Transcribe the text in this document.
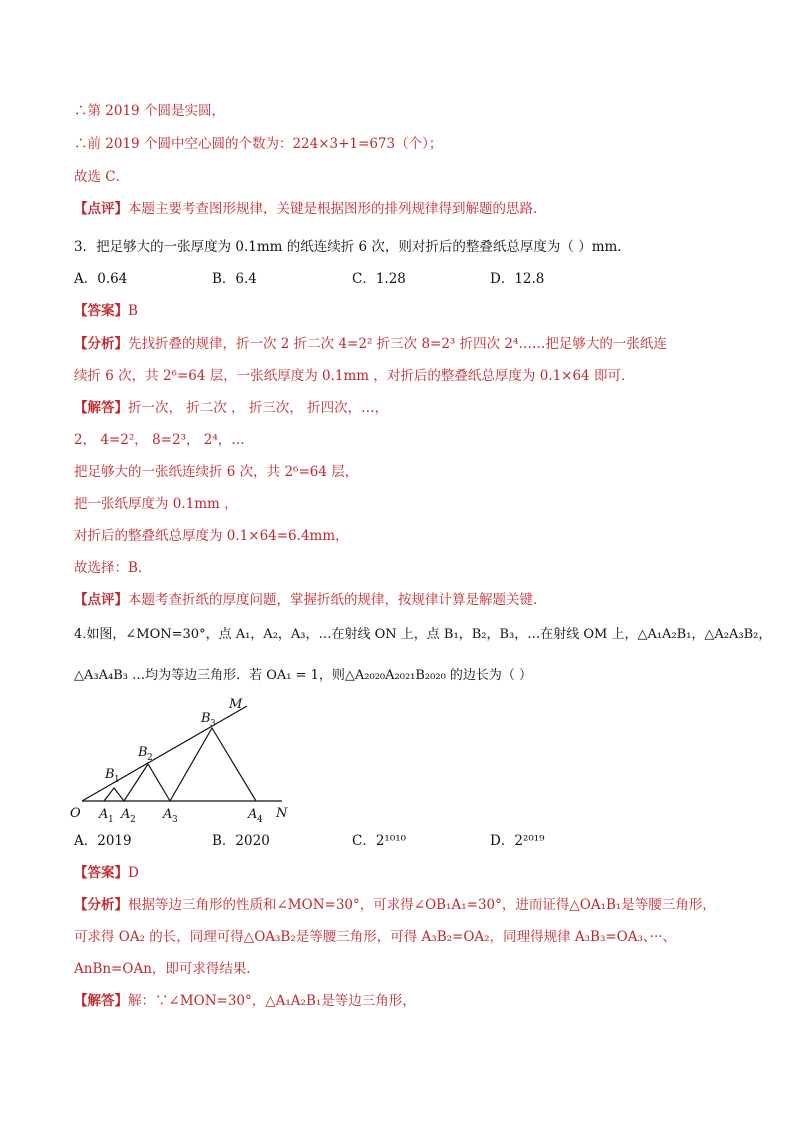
∴第 2019 个圆是实圆，
∴前 2019 个圆中空心圆的个数为：224×3+1=673（个）；
故选 C．
【点评】本题主要考查图形规律，关键是根据图形的排列规律得到解题的思路．
3．把足够大的一张厚度为 0.1mm 的纸连续折 6 次，则对折后的整叠纸总厚度为（ ）mm．
A．0.64	B．6.4	C．1.28	D．12.8
【答案】B
【分析】先找折叠的规律，折一次 2 折二次 4=2² 折三次 8=2³ 折四次 2⁴……把足够大的一张纸连
续折 6 次，共 2⁶=64 层，一张纸厚度为 0.1mm ，对折后的整叠纸总厚度为 0.1×64 即可．
【解答】折一次， 折二次 ， 折三次， 折四次，…，
2， 4=2²， 8=2³， 2⁴，…
把足够大的一张纸连续折 6 次，共 2⁶=64 层，
把一张纸厚度为 0.1mm ，
对折后的整叠纸总厚度为 0.1×64=6.4mm，
故选择：B．
【点评】本题考查折纸的厚度问题，掌握折纸的规律，按规律计算是解题关键．
4.如图，∠MON=30°，点 A₁，A₂，A₃，…在射线 ON 上，点 B₁，B₂，B₃，…在射线 OM 上，△A₁A₂B₁，△A₂A₃B₂，
△A₃A₄B₃ …均为等边三角形．若 OA₁ = 1，则△A₂₀₂₀A₂₀₂₁B₂₀₂₀ 的边长为（ ）
O	N
M
A 1 A 2 A 3	A 4
B 1
B 2
B 3
A．2019	B．2020	C．2¹⁰¹⁰	D．2²⁰¹⁹
【答案】D
【分析】根据等边三角形的性质和∠MON=30°，可求得∠OB₁A₁=30°，进而证得△OA₁B₁是等腰三角形，
可求得 OA₂ 的长，同理可得△OA₃B₂是等腰三角形，可得 A₃B₂=OA₂，同理得规律 A₃B₃=OA₃、···、
AnBn=OAn，即可求得结果．
【解答】解：∵∠MON=30°，△A₁A₂B₁是等边三角形，
